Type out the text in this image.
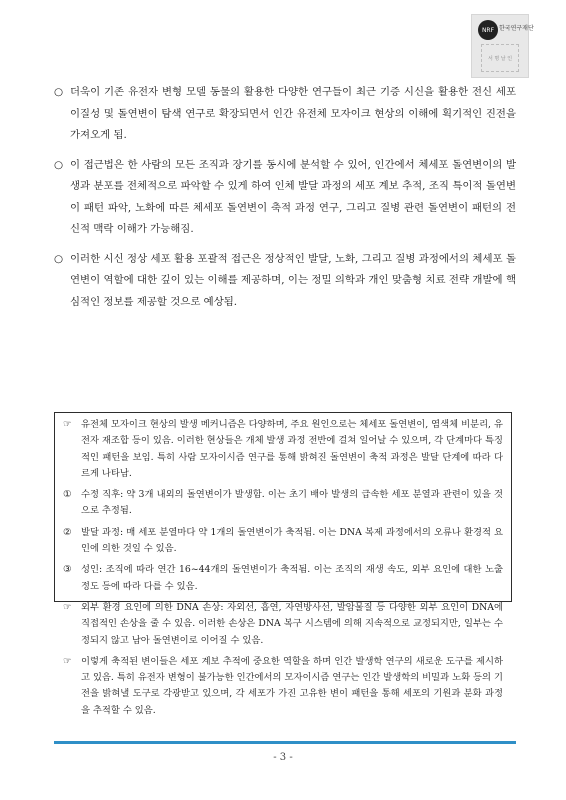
NRF 한국연구재단
서 명 날 인
○ 더욱이 기존 유전자 변형 모델 동물의 활용한 다양한 연구들이 최근 기증 시신을 활용한 전신 세포 이질성 및 돌연변이 탐색 연구로 확장되면서 인간 유전체 모자이크 현상의 이해에 획기적인 진전을 가져오게 됨.
○ 이 접근법은 한 사람의 모든 조직과 장기를 동시에 분석할 수 있어, 인간에서 체세포 돌연변이의 발생과 분포를 전체적으로 파악할 수 있게 하여 인체 발달 과정의 세포 계보 추적, 조직 특이적 돌연변이 패턴 파악, 노화에 따른 체세포 돌연변이 축적 과정 연구, 그리고 질병 관련 돌연변이 패턴의 전신적 맥락 이해가 가능해짐.
○ 이러한 시신 정상 세포 활용 포괄적 접근은 정상적인 발달, 노화, 그리고 질병 과정에서의 체세포 돌연변이 역할에 대한 깊이 있는 이해를 제공하며, 이는 정밀 의학과 개인 맞춤형 치료 전략 개발에 핵심적인 정보를 제공할 것으로 예상됨.
☞	유전체 모자이크 현상의 발생 메커니즘은 다양하며, 주요 원인으로는 체세포 돌연변이, 염색체 비분리, 유전자 재조합 등이 있음. 이러한 현상들은 개체 발생 과정 전반에 걸쳐 일어날 수 있으며, 각 단계마다 특징적인 패턴을 보임. 특히 사람 모자이시즘 연구를 통해 밝혀진 돌연변이 축적 과정은 발달 단계에 따라 다르게 나타남.
①	수정 직후: 약 3개 내외의 돌연변이가 발생함. 이는 초기 배아 발생의 급속한 세포 분열과 관련이 있을 것으로 추정됨.
②	발달 과정: 매 세포 분열마다 약 1개의 돌연변이가 축적됨. 이는 DNA 복제 과정에서의 오류나 환경적 요인에 의한 것일 수 있음.
③	성인: 조직에 따라 연간 16~44개의 돌연변이가 축적됨. 이는 조직의 재생 속도, 외부 요인에 대한 노출 정도 등에 따라 다를 수 있음.
☞	외부 환경 요인에 의한 DNA 손상: 자외선, 흡연, 자연방사선, 발암물질 등 다양한 외부 요인이 DNA에 직접적인 손상을 줄 수 있음. 이러한 손상은 DNA 복구 시스템에 의해 지속적으로 교정되지만, 일부는 수정되지 않고 남아 돌연변이로 이어질 수 있음.
☞	이렇게 축적된 변이들은 세포 계보 추적에 중요한 역할을 하며 인간 발생학 연구의 새로운 도구를 제시하고 있음. 특히 유전자 변형이 불가능한 인간에서의 모자이시즘 연구는 인간 발생학의 비밀과 노화 등의 기전을 밝혀낼 도구로 각광받고 있으며, 각 세포가 가진 고유한 변이 패턴을 통해 세포의 기원과 분화 과정을 추적할 수 있음.
- 3 -
